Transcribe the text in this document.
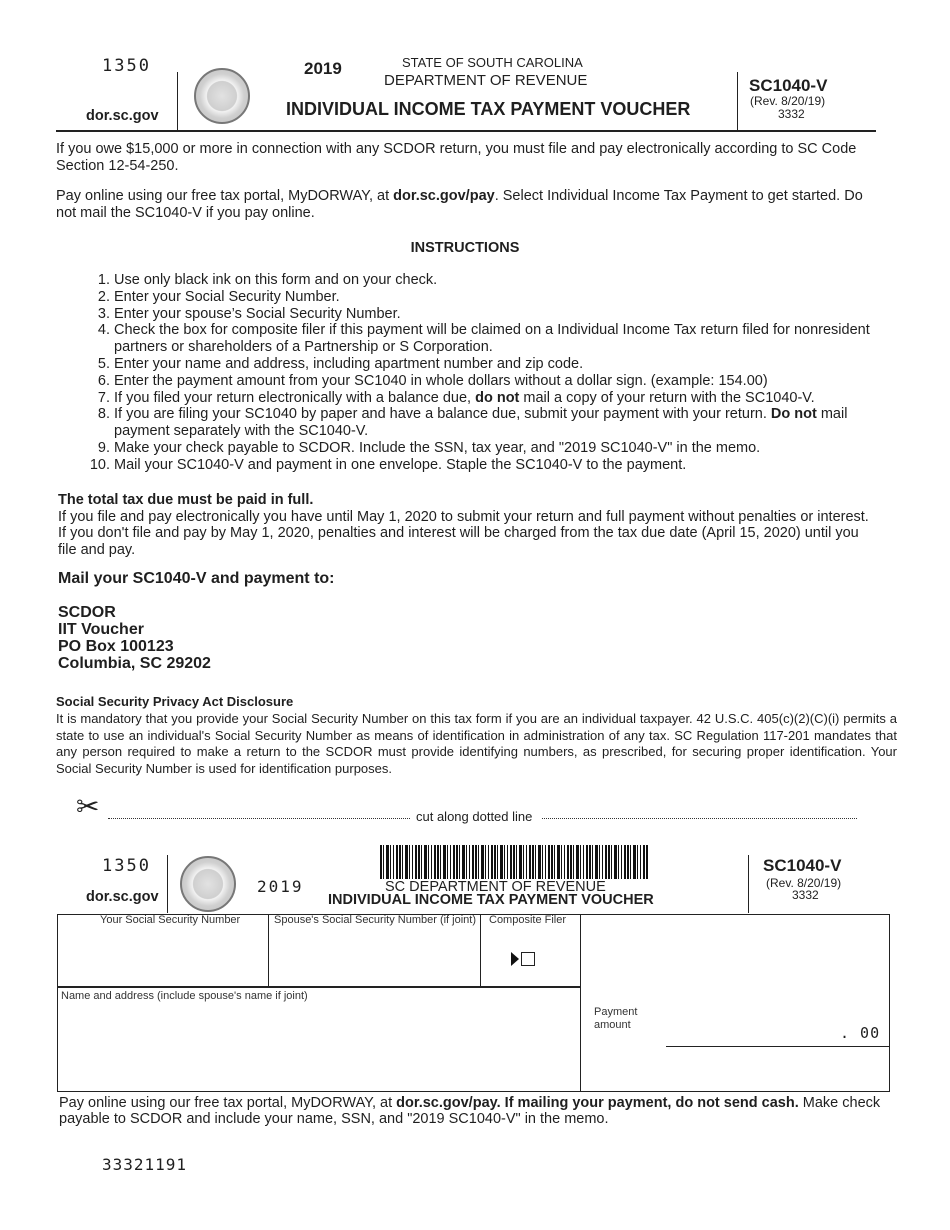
1350
dor.sc.gov
2019	STATE OF SOUTH CAROLINA
DEPARTMENT OF REVENUE
INDIVIDUAL INCOME TAX PAYMENT VOUCHER
SC1040-V
(Rev. 8/20/19)
3332

If you owe $15,000 or more in connection with any SCDOR return, you must file and pay electronically according to SC Code Section 12-54-250.

Pay online using our free tax portal, MyDORWAY, at dor.sc.gov/pay. Select Individual Income Tax Payment to get started. Do not mail the SC1040-V if you pay online.

INSTRUCTIONS
1. Use only black ink on this form and on your check.
2. Enter your Social Security Number.
3. Enter your spouse’s Social Security Number.
4. Check the box for composite filer if this payment will be claimed on a Individual Income Tax return filed for nonresident partners or shareholders of a Partnership or S Corporation.
5. Enter your name and address, including apartment number and zip code.
6. Enter the payment amount from your SC1040 in whole dollars without a dollar sign. (example: 154.00)
7. If you filed your return electronically with a balance due, do not mail a copy of your return with the SC1040-V.
8. If you are filing your SC1040 by paper and have a balance due, submit your payment with your return. Do not mail payment separately with the SC1040-V.
9. Make your check payable to SCDOR. Include the SSN, tax year, and "2019 SC1040-V" in the memo.
10. Mail your SC1040-V and payment in one envelope. Staple the SC1040-V to the payment.

The total tax due must be paid in full.

If you file and pay electronically you have until May 1, 2020 to submit your return and full payment without penalties or interest. If you don't file and pay by May 1, 2020, penalties and interest will be charged from the tax due date (April 15, 2020) until you file and pay.

Mail your SC1040-V and payment to:
SCDOR
IIT Voucher
PO Box 100123
Columbia, SC 29202
Social Security Privacy Act Disclosure
It is mandatory that you provide your Social Security Number on this tax form if you are an individual taxpayer. 42 U.S.C. 405(c)(2)(C)(i) permits a state to use an individual's Social Security Number as means of identification in administration of any tax. SC Regulation 117-201 mandates that any person required to make a return to the SCDOR must provide identifying numbers, as prescribed, for securing proper identification. Your Social Security Number is used for identification purposes.
✂	cut along dotted line
1350
dor.sc.gov
2019	SC DEPARTMENT OF REVENUE
INDIVIDUAL INCOME TAX PAYMENT VOUCHER
SC1040-V
(Rev. 8/20/19)
3332
Your Social Security Number	Spouse's Social Security Number (if joint) Composite Filer
Name and address (include spouse's name if joint)
Payment
amount	. 00
Pay online using our free tax portal, MyDORWAY, at dor.sc.gov/pay. If mailing your payment, do not send cash. Make check payable to SCDOR and include your name, SSN, and "2019 SC1040-V" in the memo.
33321191
